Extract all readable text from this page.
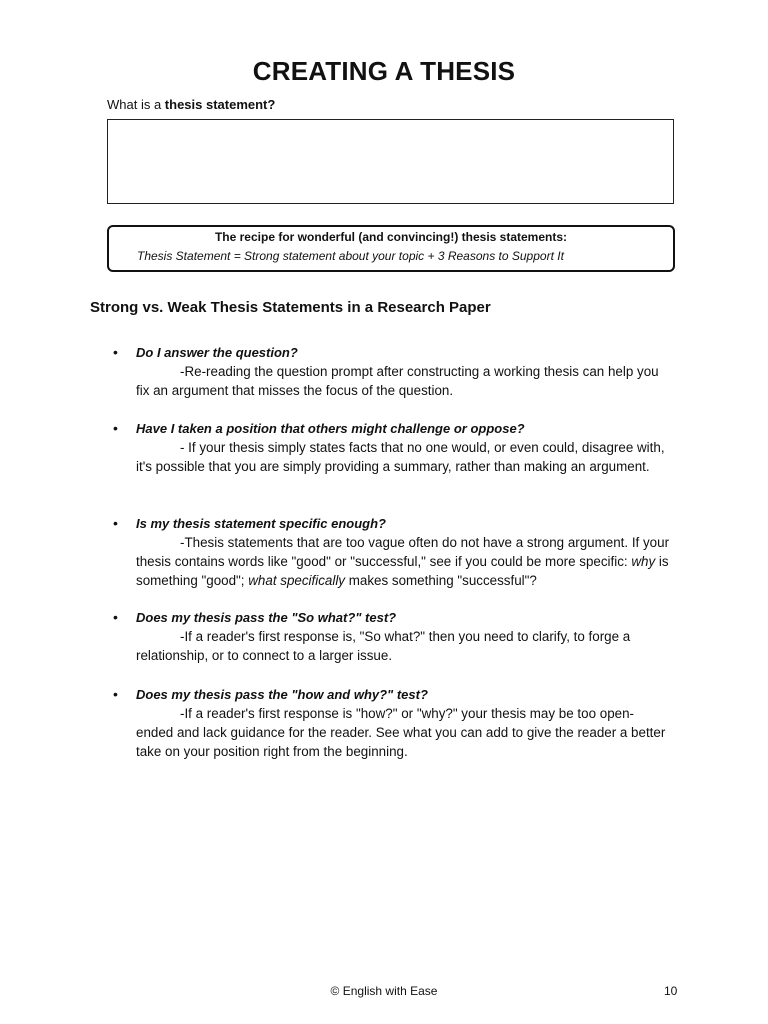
CREATING A THESIS
What is a thesis statement?
The recipe for wonderful (and convincing!) thesis statements:
Thesis Statement = Strong statement about your topic + 3 Reasons to Support It
Strong vs. Weak Thesis Statements in a Research Paper
• Do I answer the question?
-Re-reading the question prompt after constructing a working thesis can help you fix an argument that misses the focus of the question.
• Have I taken a position that others might challenge or oppose?
- If your thesis simply states facts that no one would, or even could, disagree with, it's possible that you are simply providing a summary, rather than making an argument.
• Is my thesis statement specific enough?
-Thesis statements that are too vague often do not have a strong argument. If your thesis contains words like "good" or "successful," see if you could be more specific: why is something "good"; what specifically makes something "successful"?
• Does my thesis pass the "So what?" test?
-If a reader's first response is, "So what?" then you need to clarify, to forge a relationship, or to connect to a larger issue.
• Does my thesis pass the "how and why?" test?
-If a reader's first response is "how?" or "why?" your thesis may be too open-ended and lack guidance for the reader. See what you can add to give the reader a better take on your position right from the beginning.
© English with Ease	10
